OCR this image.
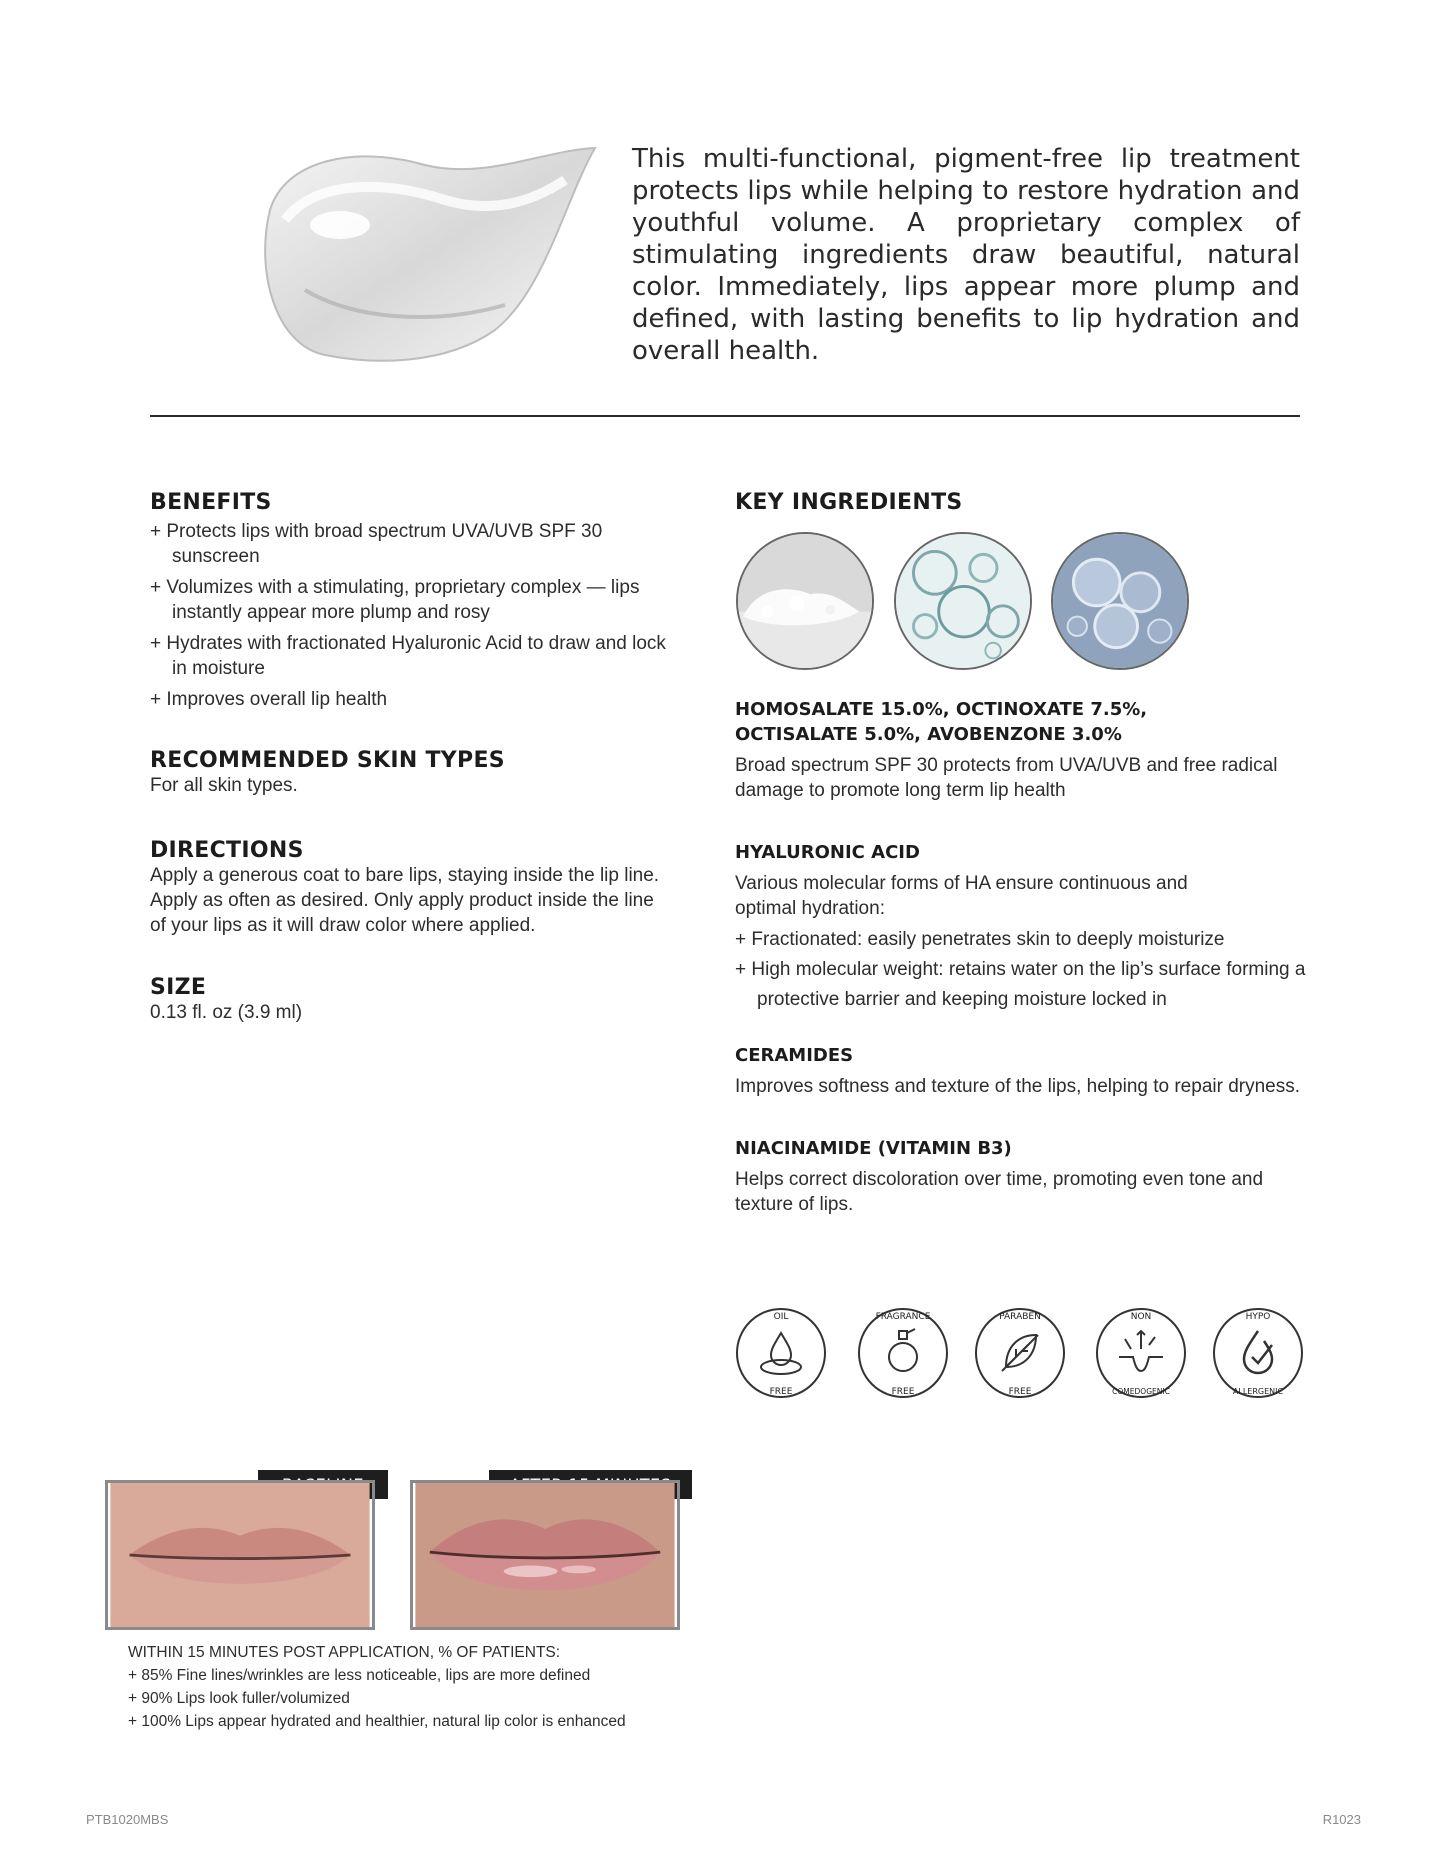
This multi-functional, pigment-free lip treatment protects lips while helping to restore hydration and youthful volume. A proprietary complex of stimulating ingredients draw beautiful, natural color. Immediately, lips appear more plump and defined, with lasting benefits to lip hydration and overall health.
BENEFITS

+ Protects lips with broad spectrum UVA/UVB SPF 30 sunscreen

+ Volumizes with a stimulating, proprietary complex — lips instantly appear more plump and rosy

+ Hydrates with fractionated Hyaluronic Acid to draw and lock in moisture

+ Improves overall lip health

RECOMMENDED SKIN TYPES
For all skin types.
DIRECTIONS
Apply a generous coat to bare lips, staying inside the lip line. Apply as often as desired. Only apply product inside the line of your lips as it will draw color where applied.
SIZE
0.13 fl. oz (3.9 ml)
KEY INGREDIENTS
HOMOSALATE 15.0%, OCTINOXATE 7.5%,
OCTISALATE 5.0%, AVOBENZONE 3.0%
Broad spectrum SPF 30 protects from UVA/UVB and free radical damage to promote long term lip health
HYALURONIC ACID

Various molecular forms of HA ensure continuous and optimal hydration:

+ Fractionated: easily penetrates skin to deeply moisturize

+ High molecular weight: retains water on the lip’s surface forming a protective barrier and keeping moisture locked in

CERAMIDES
Improves softness and texture of the lips, helping to repair dryness.
NIACINAMIDE (VITAMIN B3)
Helps correct discoloration over time, promoting even tone and texture of lips.
OIL
FREE
FRAGRANCE
FREE
PARABEN
FREE
NON
COMEDOGENIC
HYPO
ALLERGENIC

WITHIN 15 MINUTES POST APPLICATION, % OF PATIENTS:

+ 85% Fine lines/wrinkles are less noticeable, lips are more defined

+ 90% Lips look fuller/volumized

+ 100% Lips appear hydrated and healthier, natural lip color is enhanced

PTB1020MBS	R1023
